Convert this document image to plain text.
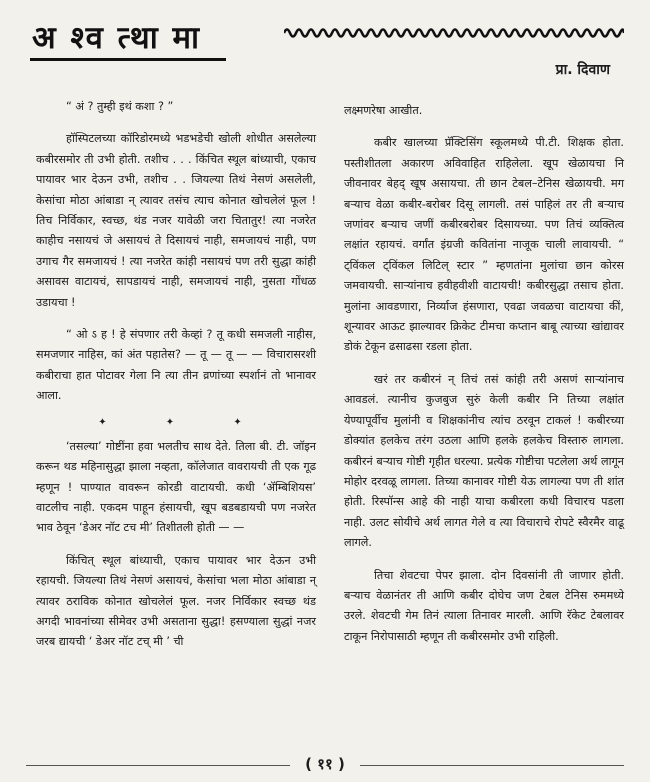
अ श्व त्था मा
प्रा. दिवाण

“ अं ? तुम्ही इथं कशा ? ”

हॉस्पिटलच्या कॉरिडोरमध्ये भडभडेची खोली शोधीत असलेल्या कबीरसमोर ती उभी होती. तशीच . . . किंचित स्थूल बांध्याची, एकाच पायावर भार देऊन उभी, तशीच . . जियल्या तिथं नेसणं असलेली, केसांचा मोठा आंबाडा न् त्यावर तसंच त्याच कोनात खोचलेलं फूल ! तिच निर्विकार, स्वच्छ, थंड नजर यावेळी जरा चितातुर! त्या नजरेत काहीच नसायचं जे असायचं ते दिसायचं नाही, समजायचं नाही, पण उगाच गैर समजायचं ! त्या नजरेत कांही नसायचं पण तरी सुद्धा कांही असावस वाटायचं, सापडायचं नाही, समजायचं नाही, नुसता गोंधळ उडायचा !

“ ओ ऽ ह ! हे संपणार तरी केव्हां ? तू कधी समजली नाहीस, समजणार नाहिस, कां अंत पहातेस? — तू — तू — — विचारासरशी कबीराचा हात पोटावर गेला नि त्या तीन व्रणांच्या स्पर्शानं तो भानावर आला.

✦ ✦ ✦

‘तसल्या’ गोष्टींना हवा भलतीच साथ देते. तिला बी. टी. जॉइन करून थड महिनासुद्धा झाला नव्हता, कॉलेजात वावरायची ती एक गूढ म्हणून ! पाण्यात वावरून कोरडी वाटायची. कधी ‘ॲम्बिशियस’ वाटलीच नाही. एकदम पाहून हंसायची, खूप बडबडायची पण नजरेत भाव ठेवून ‘डेअर नॉट टच मी’ तिशीतली होती — —

किंचित् स्थूल बांध्याची, एकाच पायावर भार देऊन उभी रहायची. जियल्या तिथं नेसणं असायचं, केसांचा भला मोठा आंबाडा न् त्यावर ठराविक कोनात खोचलेलं फूल. नजर निर्विकार स्वच्छ थंड अगदी भावनांच्या सीमेवर उभी असताना सुद्धा! हसण्याला सुद्धां नजर जरब द्यायची ‘ डेअर नॉट टच् मी ’ ची

लक्ष्मणरेषा आखीत.

कबीर खालच्या प्रॅक्टिसिंग स्कूलमध्ये पी.टी. शिक्षक होता. पस्तीशीतला अकारण अविवाहित राहिलेला. खूप खेळायचा नि जीवनावर बेहद् खूष असायचा. ती छान टेबल–टेनिस खेळायची. मग बऱ्याच वेळा कबीर-बरोबर दिसू लागली. तसं पाहिलं तर ती बऱ्याच जणांवर बऱ्याच जणीं कबीरबरोबर दिसायच्या. पण तिचं व्यक्तित्व लक्षांत रहायचं. वर्गांत इंग्रजी कवितांना नाजूक चाली लावायची. “ ट्विंकल ट्विंकल लिटिल् स्टार ” म्हणतांना मुलांचा छान कोरस जमवायची. साऱ्यांनाच हवीहवीशी वाटायची! कबीरसुद्धा तसाच होता. मुलांना आवडणारा, निर्व्याज हंसणारा, एवढा जवळचा वाटायचा कीं, शून्यावर आऊट झाल्यावर क्रिकेट टीमचा कप्तान बाबू त्याच्या खांद्यावर डोकं टेकून ढसाढसा रडला होता.

खरं तर कबीरनं न् तिचं तसं कांही तरी असणं साऱ्यांनाच आवडलं. त्यानीच कुजबुज सुरुं केली कबीर नि तिच्या लक्षांत येण्यापूर्वीच मुलांनी व शिक्षकांनीच त्यांच ठरवून टाकलं ! कबीरच्या डोक्यांत हलकेच तरंग उठला आणि हलके हलकेच विस्तारु लागला. कबीरनं बऱ्याच गोष्टी गृहीत धरल्या. प्रत्येक गोष्टीचा पटलेला अर्थ लागून मोहोर दरवळू लागला. तिच्या कानावर गोष्टी येऊ लागल्या पण ती शांत होती. रिस्पॉन्स आहे की नाही याचा कबीरला कधी विचारच पडला नाही. उलट सोयीचे अर्थ लागत गेले व त्या विचाराचे रोपटे स्वैरमैर वाढू लागले.

तिचा शेवटचा पेपर झाला. दोन दिवसांनी ती जाणार होती. बऱ्याच वेळानंतर ती आणि कबीर दोघेच जण टेबल टेनिस रुममध्ये उरले. शेवटची गेम तिनं त्याला तिनावर मारली. आणि रॅकेट टेबलावर टाकून निरोपासाठी म्हणून ती कबीरसमोर उभी राहिली.

( ११ )
